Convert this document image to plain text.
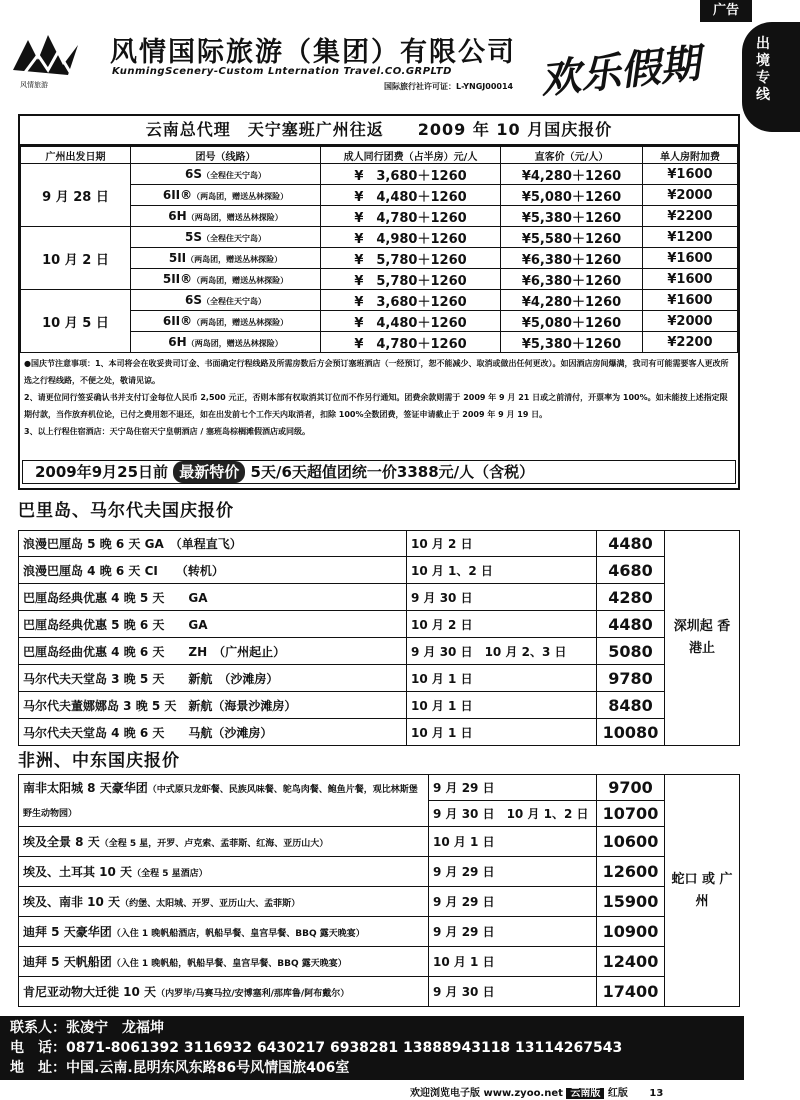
广告
出境专线
风情旅游
风情国际旅游（集团）有限公司
KunmingScenery-Custom Lnternation Travel.CO.GRPLTD
国际旅行社许可证：L-YNGJ00014 欢乐假期
云南总代理　天宁塞班广州往返　　2009 年 10 月国庆报价
广州出发日期	团号（线路）	成人同行团费（占半房）元/人	直客价（元/人）	单人房附加费
9 月 28 日	6S（全程住天宁岛）	¥　3,680＋1260	¥4,280＋1260	¥1600
	6II®（两岛团，赠送丛林探险）	¥　4,480＋1260	¥5,080＋1260	¥2000
	6H（两岛团，赠送丛林探险）	¥　4,780＋1260	¥5,380＋1260	¥2200
10 月 2 日	5S（全程住天宁岛）	¥　4,980＋1260	¥5,580＋1260	¥1200
	5II（两岛团，赠送丛林探险）	¥　5,780＋1260	¥6,380＋1260	¥1600
	5II®（两岛团，赠送丛林探险）	¥　5,780＋1260	¥6,380＋1260	¥1600
10 月 5 日	6S（全程住天宁岛）	¥　3,680＋1260	¥4,280＋1260	¥1600
	6II®（两岛团，赠送丛林探险）	¥　4,480＋1260	¥5,080＋1260	¥2000
	6H（两岛团，赠送丛林探险）	¥　4,780＋1260	¥5,380＋1260	¥2200
●国庆节注意事项：1、本司将会在收妥贵司订金、书面确定行程线路及所需房数后方会预订塞班酒店（一经预订，恕不能减少、取消或做出任何更改）。如因酒店房间爆满，我司有可能需要客人更改所选之行程线路，不便之处，敬请见谅。
2、请更位同行签妥确认书并支付订金每位人民币 2,500 元正，否则本部有权取消其订位而不作另行通知。团费余款则需于 2009 年 9 月 21 日或之前清付，开票率为 100%。如未能按上述指定限期付款，当作放弃机位论，已付之费用恕不退还，如在出发前七个工作天内取消者，扣除 100%全数团费，签证申请截止于 2009 年 9 月 19 日。
3、以上行程住宿酒店：天宁岛住宿天宁皇朝酒店 / 塞班岛棕榈滩假酒店或同级。
2009年9月25日前 最新特价 5天/6天超值团统一价3388元/人（含税）
巴里岛、马尔代夫国庆报价
浪漫巴厘岛 5 晚 6 天 GA　（单程直飞）	10 月 2 日	4480	深圳起 香港止
浪漫巴厘岛 4 晚 6 天 CI　　（转机）	10 月 1、2 日	4680	
巴厘岛经典优惠 4 晚 5 天　　GA	9 月 30 日	4280	
巴厘岛经典优惠 5 晚 6 天　　GA	10 月 2 日	4480	
巴厘岛经曲优惠 4 晚 6 天　　ZH　（广州起止）	9 月 30 日　10 月 2、3 日	5080	
马尔代夫天堂岛 3 晚 5 天　　新航　（沙滩房）	10 月 1 日	9780	
马尔代夫董娜娜岛 3 晚 5 天　新航（海景沙滩房）	10 月 1 日	8480	
马尔代夫天堂岛 4 晚 6 天　　马航（沙滩房）	10 月 1 日	10080	
非洲、中东国庆报价
南非太阳城 8 天豪华团（中式原只龙虾餐、民族风味餐、鸵鸟肉餐、鲍鱼片餐，观比林斯堡野生动物园）	9 月 29 日	9700	蛇口 或 广州
	9 月 30 日　10 月 1、2 日	10700	
埃及全景 8 天（全程 5 星，开罗、卢克索、孟菲斯、红海、亚历山大）	10 月 1 日	10600	
埃及、土耳其 10 天（全程 5 星酒店）	9 月 29 日	12600	
埃及、南非 10 天（约堡、太阳城、开罗、亚历山大、孟菲斯）	9 月 29 日	15900	
迪拜 5 天豪华团（入住 1 晚帆船酒店，帆船早餐、皇宫早餐、BBQ 露天晚宴）	9 月 29 日	10900	
迪拜 5 天帆船团（入住 1 晚帆船，帆船早餐、皇宫早餐、BBQ 露天晚宴）	10 月 1 日	12400	
肯尼亚动物大迁徙 10 天（内罗毕/马赛马拉/安博塞利/那库鲁/阿布戴尔）	9 月 30 日	17400	
联系人：张凌宁　龙福坤
电　话：0871-8061392 3116932 6430217 6938281 13888943118 13114267543
地　址：中国.云南.昆明东风东路86号风情国旅406室
欢迎浏览电子版 www.zyoo.net 云南版 红版 13
